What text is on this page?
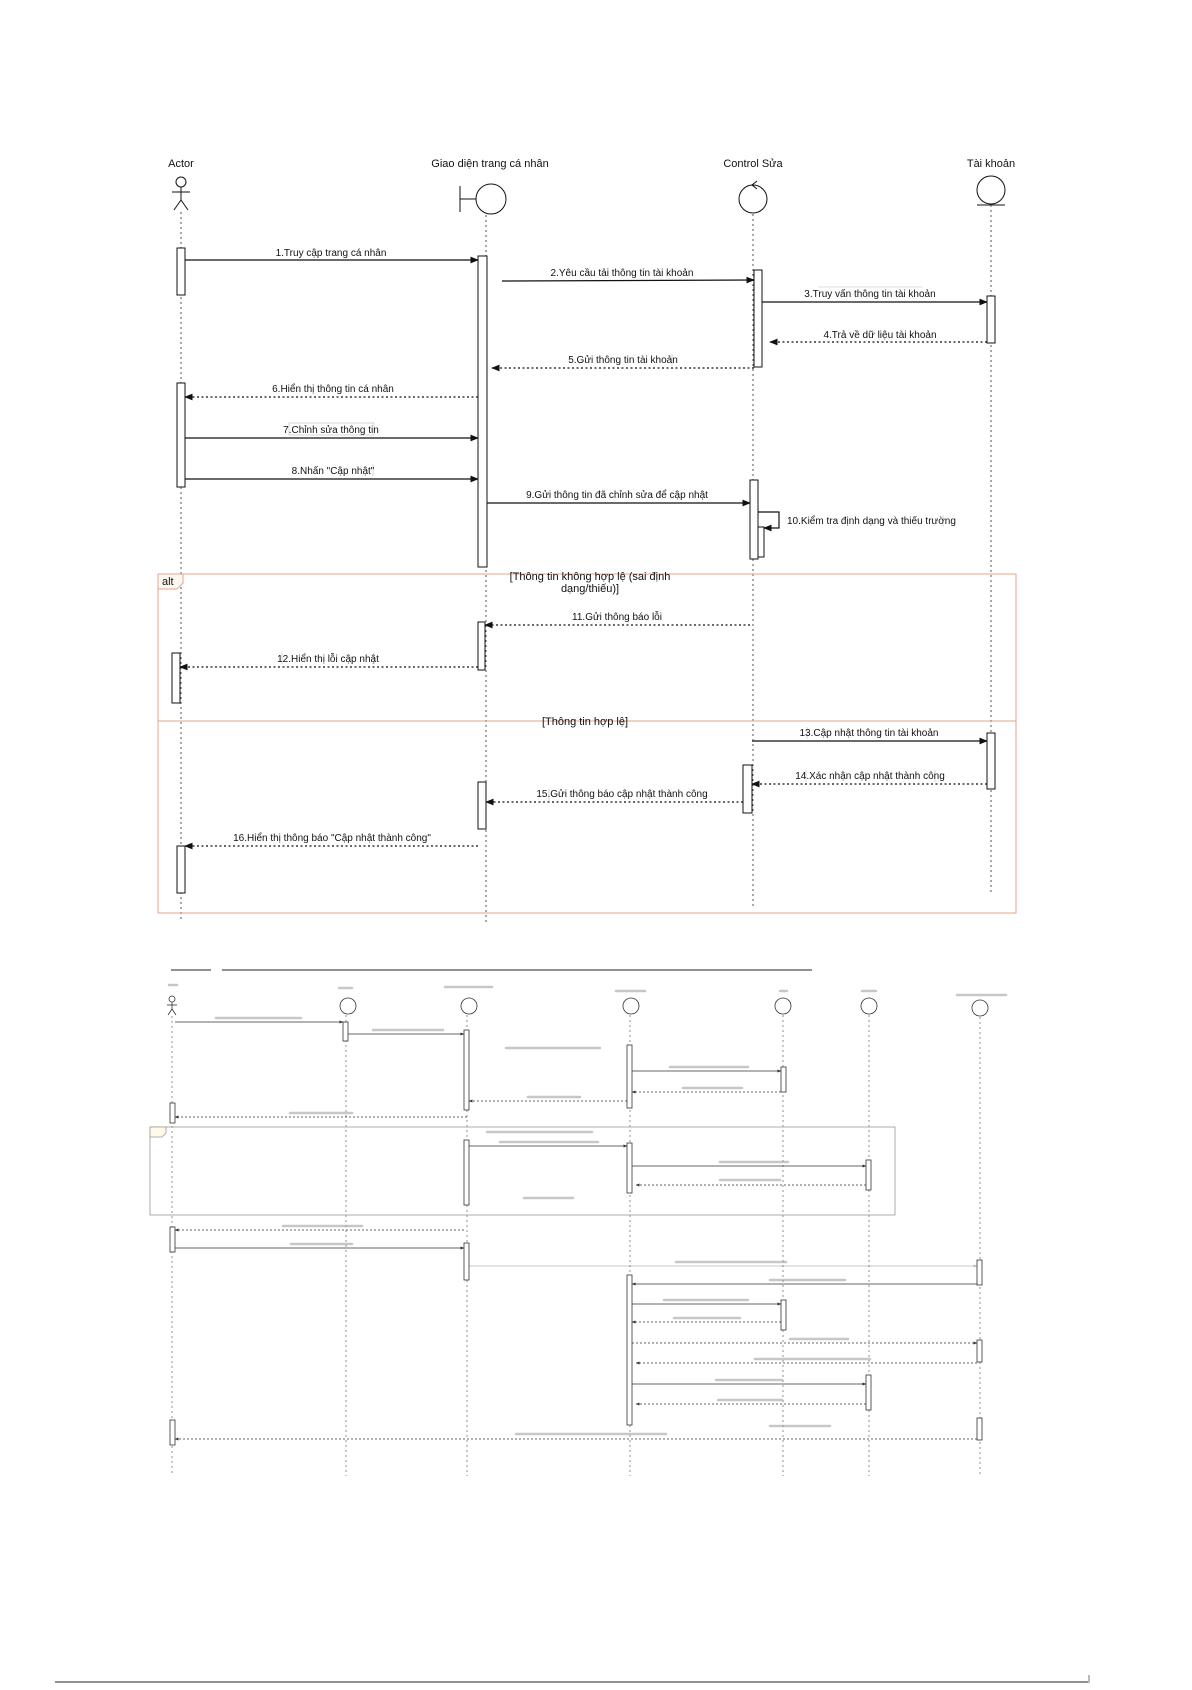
Actor	Giao diện trang cá nhân	Control Sửa	Tài khoản
alt	[Thông tin không hợp lệ (sai định
dạng/thiếu)]
[Thông tin hợp lệ]
1.Truy cập trang cá nhân
2.Yêu cầu tải thông tin tài khoản
3.Truy vấn thông tin tài khoản
4.Trả về dữ liệu tài khoản
5.Gửi thông tin tài khoản
6.Hiển thị thông tin cá nhân
7.Chỉnh sửa thông tin
8.Nhấn "Cập nhật"
9.Gửi thông tin đã chỉnh sửa để cập nhật
10.Kiểm tra định dạng và thiếu trường
11.Gửi thông báo lỗi
12.Hiển thị lỗi cập nhật
13.Cập nhật thông tin tài khoản
14.Xác nhận cập nhật thành công
15.Gửi thông báo cập nhật thành công
16.Hiển thị thông báo "Cập nhật thành công"
